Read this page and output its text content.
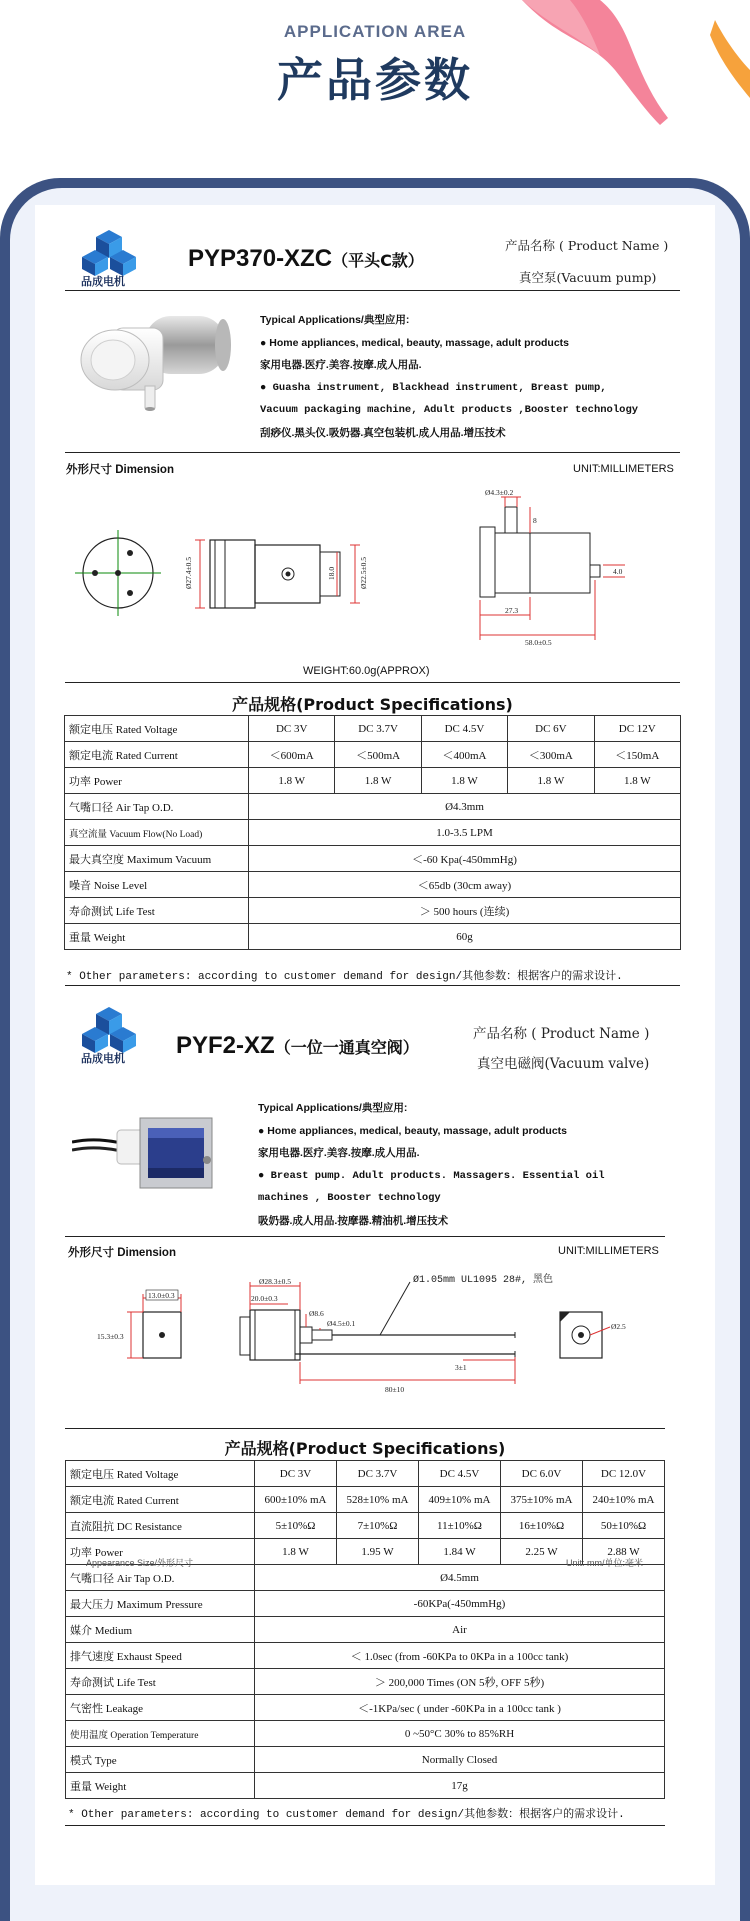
APPLICATION AREA
产品参数
品成电机
PYP370-XZC（平头C款）
产品名称 ( Product Name )
真空泵(Vacuum pump)
Typical Applications/典型应用:
● Home appliances, medical, beauty, massage, adult products
家用电器.医疗.美容.按摩.成人用品.
● Guasha instrument, Blackhead instrument, Breast pump,
Vacuum packaging machine, Adult products ,Booster technology
刮痧仪.黑头仪.吸奶器.真空包装机.成人用品.增压技术
外形尺寸 Dimension	UNIT:MILLIMETERS
Ø27.4±0.5	Ø22.5±0.5
18.0
Ø4.3±0.2
8
27.3
58.0±0.5
4.0
WEIGHT:60.0g(APPROX)
产品规格(Product Specifications)
额定电压 Rated Voltage	DC 3V	DC 3.7V	DC 4.5V	DC 6V	DC 12V
额定电流 Rated Current	＜600mA	＜500mA	＜400mA	＜300mA	＜150mA
功率 Power	1.8 W	1.8 W	1.8 W	1.8 W	1.8 W
气嘴口径 Air Tap O.D.	Ø4.3mm				
真空流量 Vacuum Flow(No Load)	1.0-3.5 LPM				
最大真空度 Maximum Vacuum	＜-60 Kpa(-450mmHg)				
噪音 Noise Level	＜65db (30cm away)				
寿命测试 Life Test	＞ 500 hours (连续)				
重量 Weight	60g				
* Other parameters: according to customer demand for design/其他参数：根据客户的需求设计.
品成电机 PYF2-XZ（一位一通真空阀）
产品名称 ( Product Name )
真空电磁阀(Vacuum valve)
Typical Applications/典型应用:
● Home appliances, medical, beauty, massage, adult products
家用电器.医疗.美容.按摩.成人用品.
● Breast pump. Adult products. Massagers. Essential oil
machines , Booster technology
吸奶器.成人用品.按摩器.精油机.增压技术
外形尺寸 Dimension	UNIT:MILLIMETERS
13.0±0.3
15.3±0.3
Ø28.3±0.5
20.0±0.3
Ø8.6
Ø4.5±0.1
Ø1.05mm UL1095 28#, 黑色
80±10
3±1
Ø2.5
产品规格(Product Specifications)
额定电压 Rated Voltage	DC 3V	DC 3.7V	DC 4.5V	DC 6.0V	DC 12.0V
额定电流 Rated Current	600±10% mA	528±10% mA	409±10% mA	375±10% mA	240±10% mA
直流阻抗 DC Resistance	5±10%Ω	7±10%Ω	11±10%Ω	16±10%Ω	50±10%Ω
功率 Power	1.8 W	1.95 W	1.84 W	2.25 W	2.88 W
气嘴口径 Air Tap O.D.	Ø4.5mm				
最大压力 Maximum Pressure	-60KPa(-450mmHg)				
媒介 Medium	Air				
排气速度 Exhaust Speed	＜ 1.0sec (from -60KPa to 0KPa in a 100cc tank)				
寿命测试 Life Test	＞ 200,000 Times (ON 5秒, OFF 5秒)				
气密性 Leakage	＜-1KPa/sec ( under -60KPa in a 100cc tank )				
使用温度 Operation Temperature	0 ~50°C 30% to 85%RH				
模式 Type	Normally Closed				
重量 Weight	17g				
Appearance Size/外形尺寸	Unit: mm/单位:毫米
* Other parameters: according to customer demand for design/其他参数：根据客户的需求设计.
